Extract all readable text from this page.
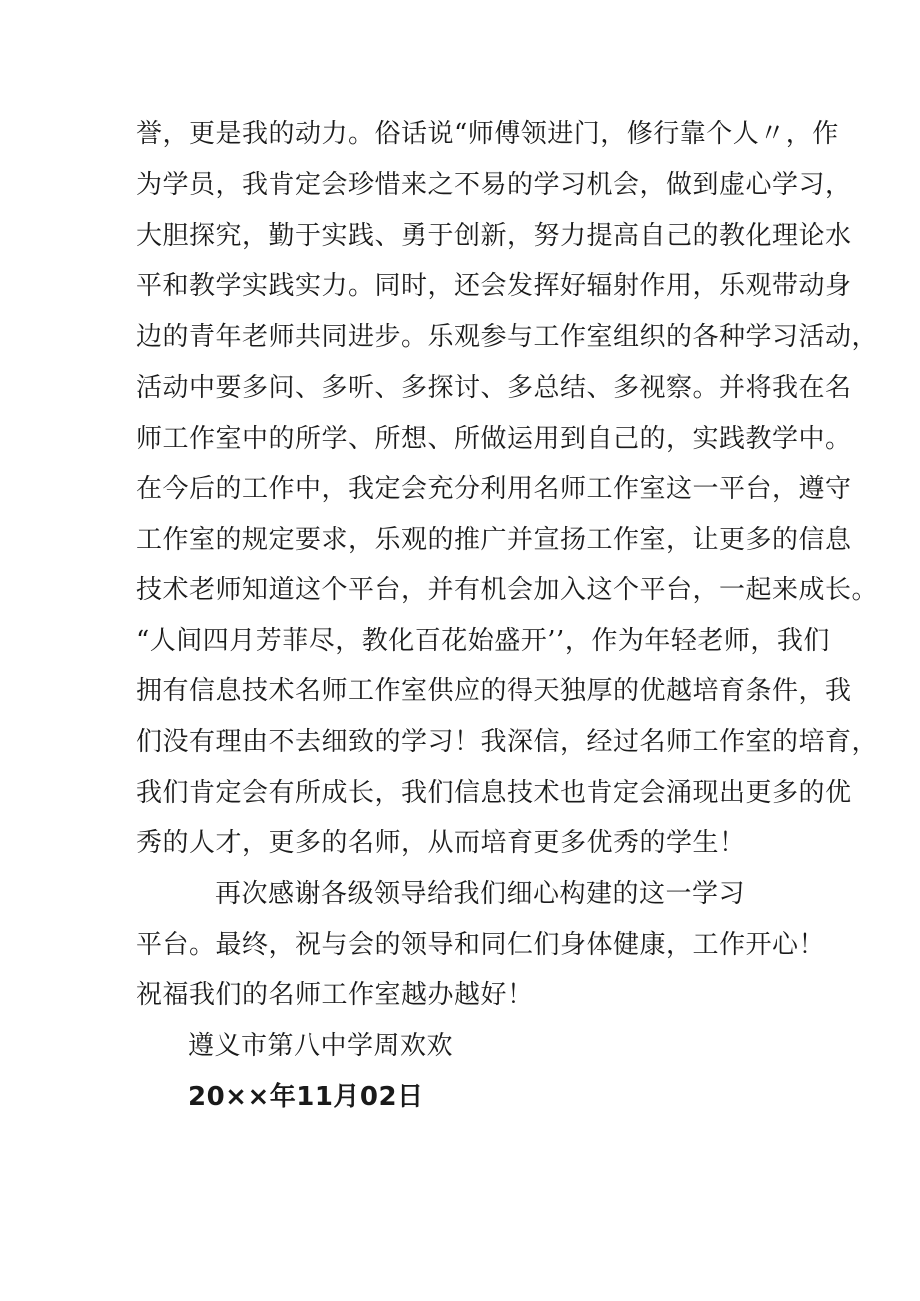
誉，更是我的动力。俗话说“师傅领进门，修行靠个人〃，作
为学员，我肯定会珍惜来之不易的学习机会，做到虚心学习，
大胆探究，勤于实践、勇于创新，努力提高自己的教化理论水
平和教学实践实力。同时，还会发挥好辐射作用，乐观带动身
边的青年老师共同进步。乐观参与工作室组织的各种学习活动，
活动中要多问、多听、多探讨、多总结、多视察。并将我在名
师工作室中的所学、所想、所做运用到自己的，实践教学中。
在今后的工作中，我定会充分利用名师工作室这一平台，遵守
工作室的规定要求，乐观的推广并宣扬工作室，让更多的信息
技术老师知道这个平台，并有机会加入这个平台，一起来成长。
“人间四月芳菲尽，教化百花始盛开’’，作为年轻老师，我们
拥有信息技术名师工作室供应的得天独厚的优越培育条件，我
们没有理由不去细致的学习！我深信，经过名师工作室的培育，
我们肯定会有所成长，我们信息技术也肯定会涌现出更多的优
秀的人才，更多的名师，从而培育更多优秀的学生！
再次感谢各级领导给我们细心构建的这一学习
平台。最终，祝与会的领导和同仁们身体健康，工作开心！
祝福我们的名师工作室越办越好！
遵义市第八中学周欢欢
20××年11月02日
